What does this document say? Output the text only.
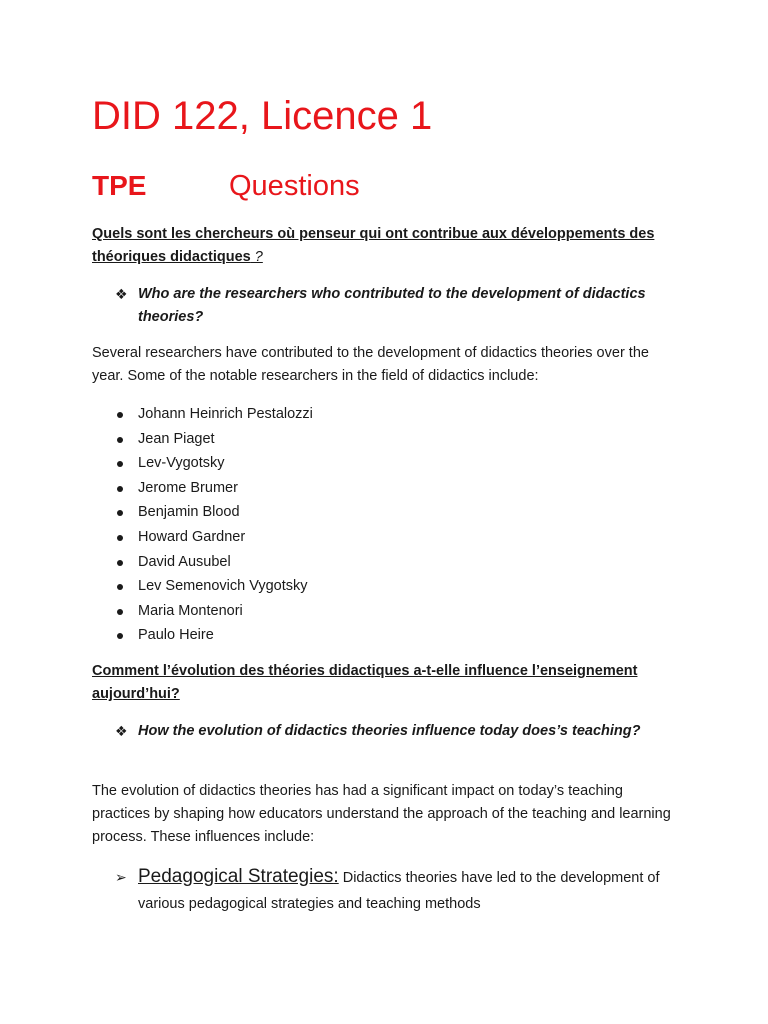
DID 122, Licence 1
TPE	Questions

Quels sont les chercheurs où penseur qui ont contribue aux développements des théoriques didactiques ?

❖ Who are the researchers who contributed to the development of didactics theories?

Several researchers have contributed to the development of didactics theories over the year. Some of the notable researchers in the field of didactics include:

Johann Heinrich Pestalozzi
Jean Piaget
Lev-Vygotsky
Jerome Brumer
Benjamin Blood
Howard Gardner
David Ausubel
Lev Semenovich Vygotsky
Maria Montenori
Paulo Heire

Comment l’évolution des théories didactiques a-t-elle influence l’enseignement aujourd’hui?

❖ How the evolution of didactics theories influence today does’s teaching?

The evolution of didactics theories has had a significant impact on today’s teaching practices by shaping how educators understand the approach of the teaching and learning process. These influences include:

➢ Pedagogical Strategies: Didactics theories have led to the development of various pedagogical strategies and teaching methods
